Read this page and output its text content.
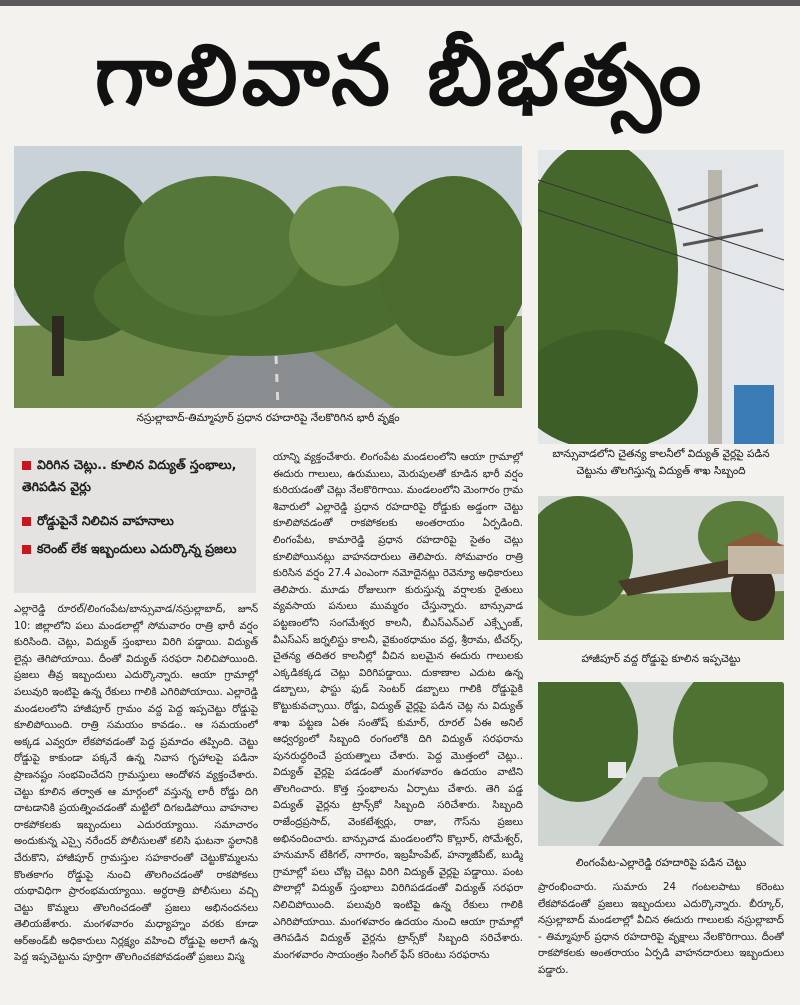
గాలివాన బీభత్సం
నస్రుల్లాబాద్-తిమ్మాపూర్ ప్రధాన రహదారిపై నేలకొరిగిన భారీ వృక్షం
బాన్సువాడలోని చైతన్య కాలనీలో విద్యుత్ వైర్లపై పడిన చెట్టును తొలగిస్తున్న విద్యుత్ శాఖ సిబ్బంది
హాజీపూర్ వద్ద రోడ్డుపై కూలిన ఇప్పచెట్టు
లింగంపేట-ఎల్లారెడ్డి రహదారిపై పడిన చెట్టు
విరిగిన చెట్లు.. కూలిన విద్యుత్ స్తంభాలు, తెగిపడిన వైర్లు
రోడ్డుపైనే నిలిచిన వాహనాలు
కరెంట్ లేక ఇబ్బందులు ఎదుర్కొన్న ప్రజలు
ఎల్లారెడ్డి రూరల్/లింగంపేట/బాన్సువాడ/నస్రుల్లాబాద్, జూన్ 10: జిల్లాలోని పలు మండలాల్లో సోమవారం రాత్రి భారీ వర్షం కురిసింది. చెట్లు, విద్యుత్ స్తంభాలు విరిగి పడ్డాయి. విద్యుత్ లైన్లు తెగిపోయాయి. దీంతో విద్యుత్ సరఫరా నిలిచిపోయింది. ప్రజలు తీవ్ర ఇబ్బందులు ఎదుర్కొన్నారు. ఆయా గ్రామాల్లో పలువురి ఇంటిపై ఉన్న రేకులు గాలికి ఎగిరిపోయాయి. ఎల్లారెడ్డి మండలంలోని హాజీపూర్ గ్రామం వద్ద పెద్ద ఇప్పచెట్టు రోడ్డుపై కూలిపోయింది. రాత్రి సమయం కావడం.. ఆ సమయంలో అక్కడ ఎవ్వరూ లేకపోవడంతో పెద్ద ప్రమాదం తప్పింది. చెట్టు రోడ్డుపై కాకుండా పక్కనే ఉన్న నివాస గృహాలపై పడినా ప్రాణనష్టం సంభవించేదని గ్రామస్తులు ఆందోళన వ్యక్తంచేశారు. చెట్టు కూలిన తర్వాత ఆ మార్గంలో వస్తున్న లారీ రోడ్డు దిగి దాటడానికి ప్రయత్నించడంతో మట్టిలో దిగబడిపోయి వాహనాల రాకపోకలకు ఇబ్బందులు ఎదురయ్యాయి. సమాచారం అందుకున్న ఎస్సై నరేందర్ పోలీసులతో కలిసి ఘటనా స్థలానికి చేరుకొని, హాజీపూర్ గ్రామస్తుల సహకారంతో చెట్టుకొమ్మలను కొంతకాగం రోడ్డుపై నుంచి తొలగించడంతో రాకపోకలు యథావిధిగా ప్రారంభమయ్యాయి. అర్ధరాత్రి పోలీసులు వచ్చి చెట్టు కొమ్మలు తొలగించడంతో ప్రజలు అభినందనలు తెలియజేశారు. మంగళవారం మధ్యాహ్నం వరకు కూడా ఆర్‌అండ్‌బీ అధికారులు నిర్లక్ష్యం వహించి రోడ్డుపై అలాగే ఉన్న పెద్ద ఇప్పచెట్టును పూర్తిగా తొలగించకపోవడంతో ప్రజలు విస్మ
యాన్ని వ్యక్తంచేశారు. లింగంపేట మండలంలోని ఆయా గ్రామాల్లో ఈదురు గాలులు, ఉరుములు, మెరుపులతో కూడిన భారీ వర్షం కురియడంతో చెట్లు నేలకొరిగాయి. మండలంలోని మెంగారం గ్రామ శివారులో ఎల్లారెడ్డి ప్రధాన రహదారిపై రోడ్డుకు అడ్డంగా చెట్టు కూలిపోవడంతో రాకపోకలకు అంతరాయం ఏర్పడింది. లింగంపేట, కామారెడ్డి ప్రధాన రహదారిపై సైతం చెట్లు కూలిపోయినట్లు వాహనదారులు తెలిపారు. సోమవారం రాత్రి కురిసిన వర్షం 27.4 ఎంఎంగా నమోదైనట్లు రెవెన్యూ అధికారులు తెలిపారు. మూడు రోజులుగా కురుస్తున్న వర్షాలకు రైతులు వ్యవసాయ పనులు ముమ్మరం చేస్తున్నారు. బాన్సువాడ పట్టణంలోని సంగమేశ్వర కాలనీ, బీఎస్ఎన్ఎల్ ఎక్స్ఛేంజ్, వీఎస్ఎస్ జర్నలిస్టు కాలనీ, వైకుంఠధామం వద్ద, శ్రీరామ, టీచర్స్, చైతన్య తదితర కాలనీల్లో వీచిన బలమైన ఈదురు గాలులకు ఎక్కడికక్కడ చెట్లు విరిగిపడ్డాయి. దుకాణాల ఎదుట ఉన్న డబ్బాలు, ఫాస్టు ఫుడ్ సెంటర్ డబ్బాలు గాలికి రోడ్డుపైకి కొట్టుకువచ్చాయి. రోడ్డు, విద్యుత్ వైర్లపై పడిన చెట్ల ను విద్యుత్ శాఖ పట్టణ ఏఈ సంతోష్ కుమార్, రూరల్ ఏఈ అనిల్ ఆధ్వర్యంలో సిబ్బంది రంగంలోకి దిగి విద్యుత్ సరఫరాను పునరుద్ధరించే ప్రయత్నాలు చేశారు. పెద్ద మొత్తంలో చెట్లు.. విద్యుత్ వైర్లపై పడడంతో మంగళవారం ఉదయం వాటిని తొలగించారు. కొత్త స్తంభాలను ఏర్పాటు చేశారు. తెగి పడ్డ విద్యుత్ వైర్లను ట్రాన్స్‌కో సిబ్బంది సరిచేశారు. సిబ్బంది రాజేంద్రప్రసాద్, వెంకటేశ్వర్లు, రాజు, గౌస్‌ను ప్రజలు అభినందించారు. బాన్సువాడ మండలంలోని కొల్లూర్, సోమేశ్వర్, హనుమాన్ టేకిగల్, నాగారం, ఇబ్రహీంపేట్, హన్మాజీపేట్, బుడ్మి గ్రామాల్లో పలు చోట్ల చెట్లు విరిగి విద్యుత్ వైర్లపై పడ్డాయి. పంట పొలాల్లో విద్యుత్ స్తంభాలు విరిగిపడడంతో విద్యుత్ సరఫరా నిలిచిపోయింది. పలువురి ఇంటిపై ఉన్న రేకులు గాలికి ఎగిరిపోయాయి. మంగళవారం ఉదయం నుంచి ఆయా గ్రామాల్లో తెగిపడిన విద్యుత్ వైర్లను ట్రాన్స్‌కో సిబ్బంది సరిచేశారు. మంగళవారం సాయంత్రం సింగిల్ ఫేస్ కరెంటు సరఫరాను
ప్రారంభించారు. సుమారు 24 గంటలపాటు కరెంటు లేకపోవడంతో ప్రజలు ఇబ్బందులు ఎదుర్కొన్నారు. బీర్కూర్, నస్రుల్లాబాద్ మండలాల్లో వీచిన ఈదురు గాలులకు నస్రుల్లాబాద్ - తిమ్మాపూర్ ప్రధాన రహదారిపై వృక్షాలు నేలకొరిగాయి. దీంతో రాకపోకలకు అంతరాయం ఏర్పడి వాహనదారులు ఇబ్బందులు పడ్డారు.
